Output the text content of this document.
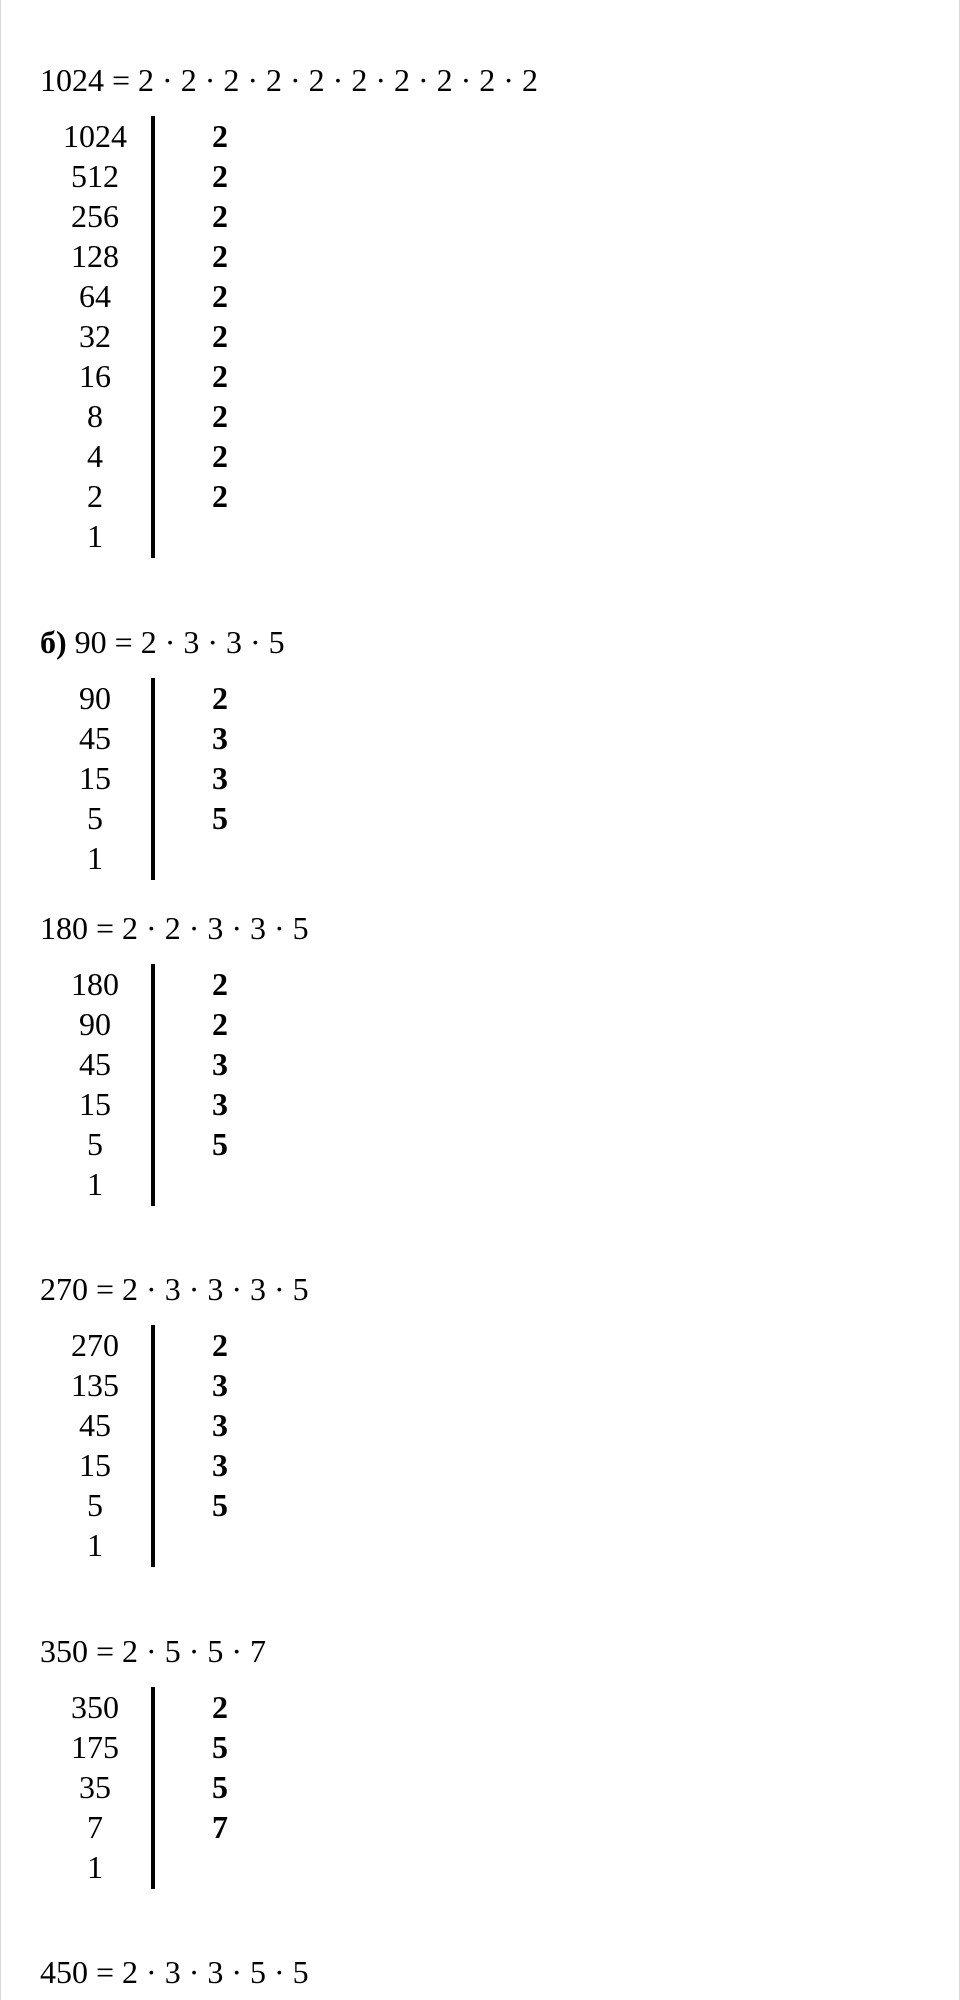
1024 = 2 · 2 · 2 · 2 · 2 · 2 · 2 · 2 · 2 · 2
1024	2
512	2
256	2
128	2
64	2
32	2
16	2
8	2
4	2
2	2
1
б) 90 = 2 · 3 · 3 · 5
90	2
45	3
15	3
5	5
1
180 = 2 · 2 · 3 · 3 · 5
180	2
90	2
45	3
15	3
5	5
1
270 = 2 · 3 · 3 · 3 · 5
270	2
135	3
45	3
15	3
5	5
1
350 = 2 · 5 · 5 · 7
350	2
175	5
35	5
7	7
1
450 = 2 · 3 · 3 · 5 · 5
